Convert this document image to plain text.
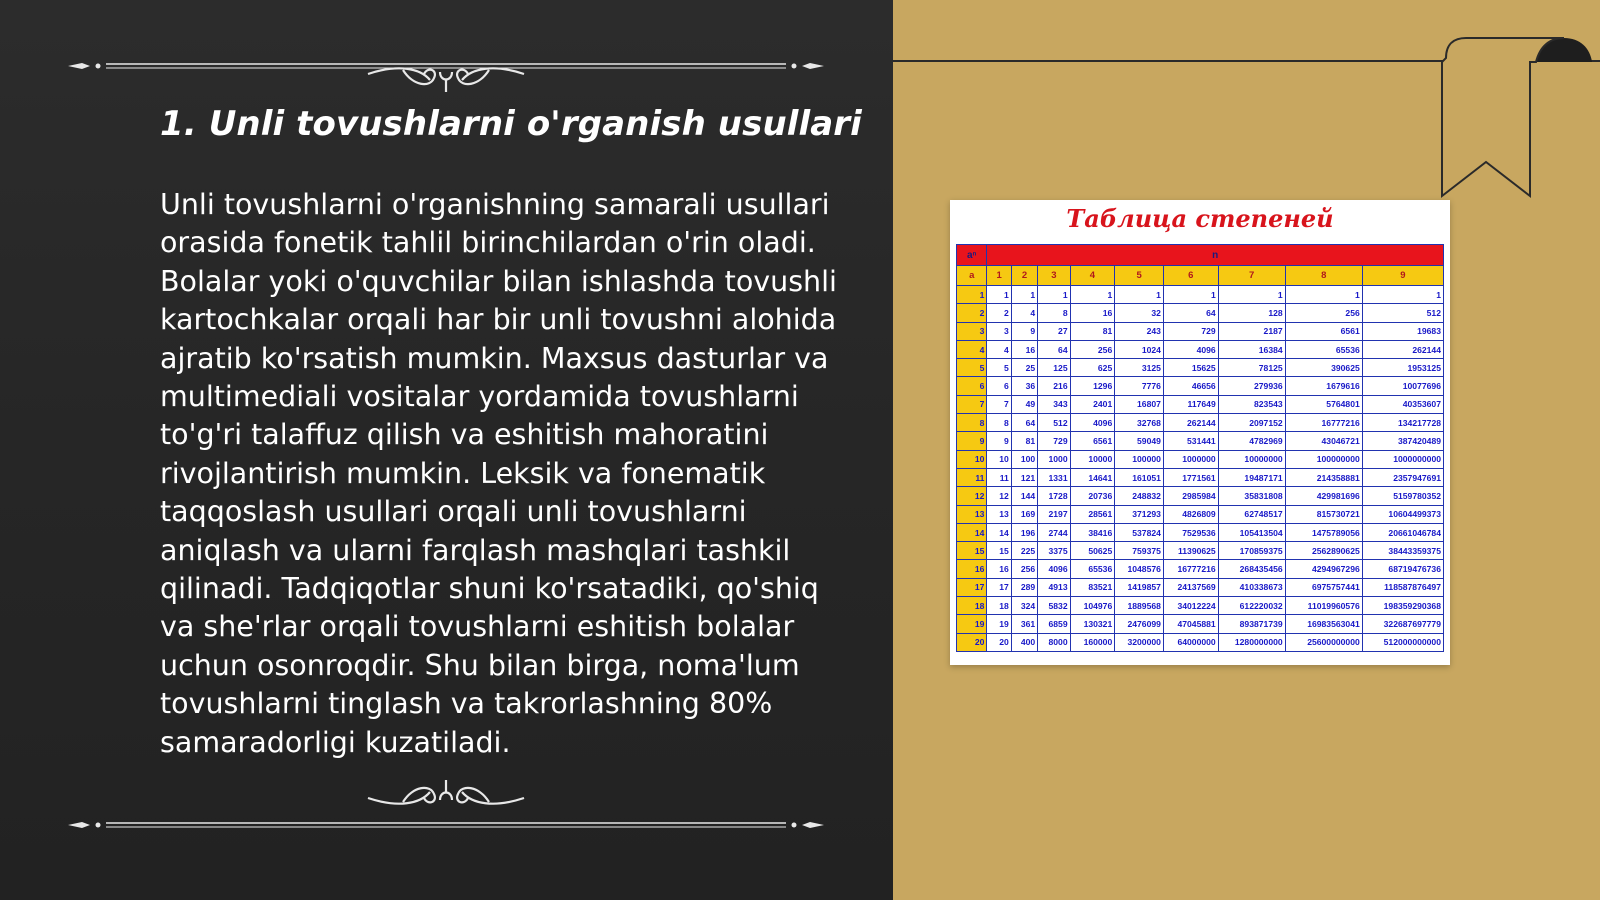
1. Unli tovushlarni o'rganish usullari

Unli tovushlarni o'rganishning samarali usullari orasida fonetik tahlil birinchilardan o'rin oladi. Bolalar yoki o'quvchilar bilan ishlashda tovushli kartochkalar orqali har bir unli tovushni alohida ajratib ko'rsatish mumkin. Maxsus dasturlar va multimediali vositalar yordamida tovushlarni to'g'ri talaffuz qilish va eshitish mahoratini rivojlantirish mumkin. Leksik va fonematik taqqoslash usullari orqali unli tovushlarni aniqlash va ularni farqlash mashqlari tashkil qilinadi. Tadqiqotlar shuni ko'rsatadiki, qo'shiq va she'rlar orqali tovushlarni eshitish bolalar uchun osonroqdir. Shu bilan birga, noma'lum tovushlarni tinglash va takrorlashning 80% samaradorligi kuzatiladi.

Таблица степеней
aⁿ	n								
a	1	2	3	4	5	6	7	8	9
1	1	1	1	1	1	1	1	1	1
2	2	4	8	16	32	64	128	256	512
3	3	9	27	81	243	729	2187	6561	19683
4	4	16	64	256	1024	4096	16384	65536	262144
5	5	25	125	625	3125	15625	78125	390625	1953125
6	6	36	216	1296	7776	46656	279936	1679616	10077696
7	7	49	343	2401	16807	117649	823543	5764801	40353607
8	8	64	512	4096	32768	262144	2097152	16777216	134217728
9	9	81	729	6561	59049	531441	4782969	43046721	387420489
10	10	100	1000	10000	100000	1000000	10000000	100000000	1000000000
11	11	121	1331	14641	161051	1771561	19487171	214358881	2357947691
12	12	144	1728	20736	248832	2985984	35831808	429981696	5159780352
13	13	169	2197	28561	371293	4826809	62748517	815730721	10604499373
14	14	196	2744	38416	537824	7529536	105413504	1475789056	20661046784
15	15	225	3375	50625	759375	11390625	170859375	2562890625	38443359375
16	16	256	4096	65536	1048576	16777216	268435456	4294967296	68719476736
17	17	289	4913	83521	1419857	24137569	410338673	6975757441	118587876497
18	18	324	5832	104976	1889568	34012224	612220032	11019960576	198359290368
19	19	361	6859	130321	2476099	47045881	893871739	16983563041	322687697779
20	20	400	8000	160000	3200000	64000000	1280000000	25600000000	512000000000
